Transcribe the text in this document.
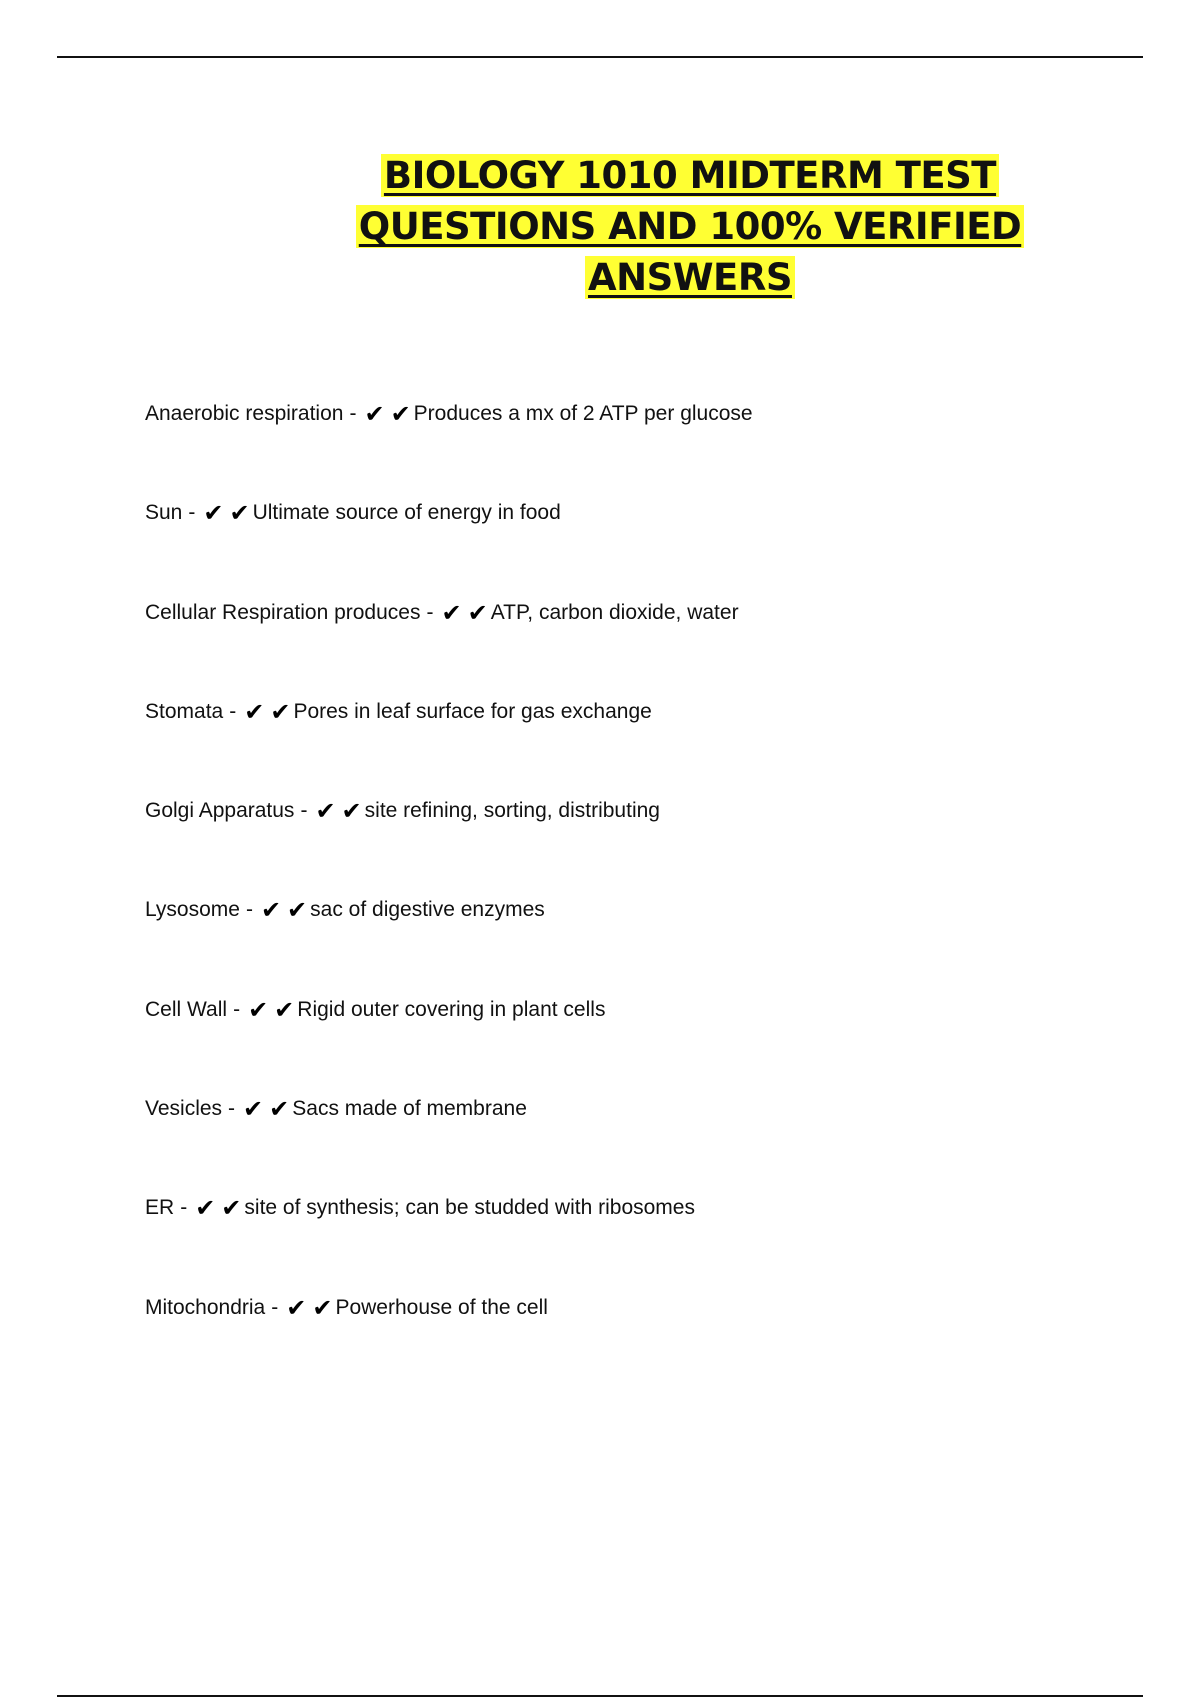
BIOLOGY 1010 MIDTERM TEST
QUESTIONS AND 100% VERIFIED
ANSWERS
Anaerobic respiration - ✔ ✔ Produces a mx of 2 ATP per glucose
Sun - ✔ ✔ Ultimate source of energy in food
Cellular Respiration produces - ✔ ✔ ATP, carbon dioxide, water
Stomata - ✔ ✔ Pores in leaf surface for gas exchange
Golgi Apparatus - ✔ ✔ site refining, sorting, distributing
Lysosome - ✔ ✔ sac of digestive enzymes
Cell Wall - ✔ ✔ Rigid outer covering in plant cells
Vesicles - ✔ ✔ Sacs made of membrane
ER - ✔ ✔ site of synthesis; can be studded with ribosomes
Mitochondria - ✔ ✔ Powerhouse of the cell
